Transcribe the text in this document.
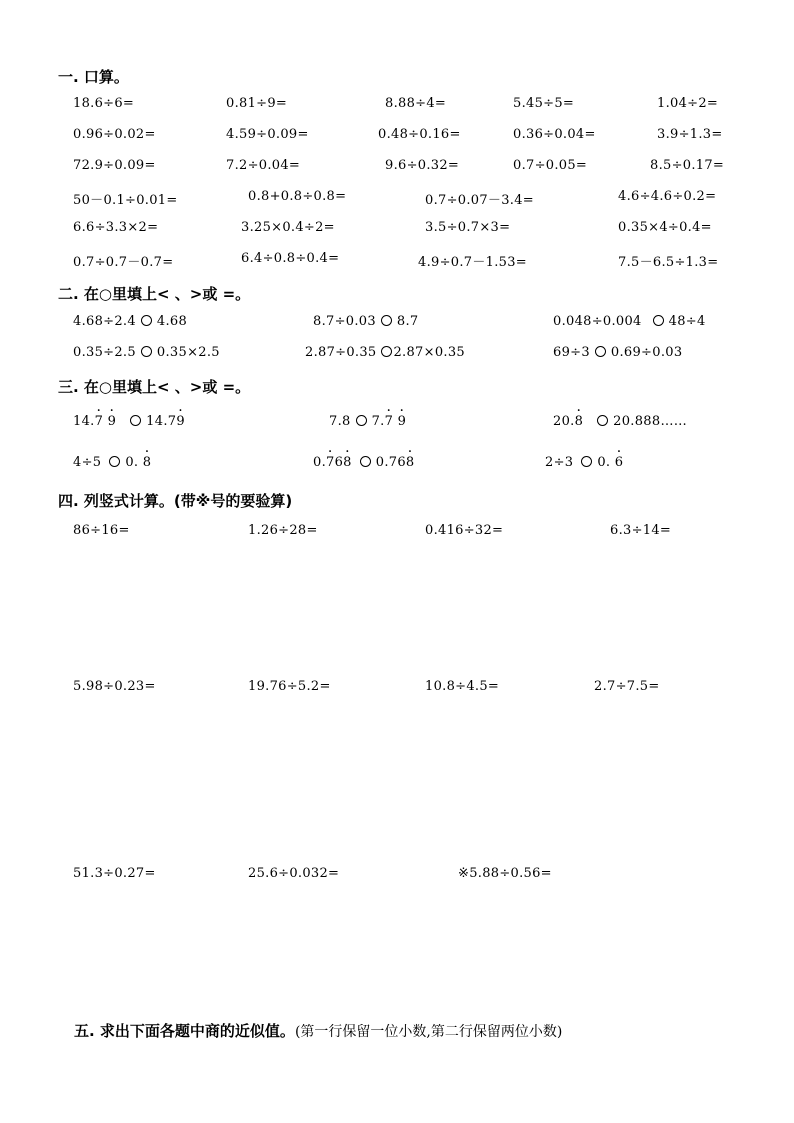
一. 口算。
18.6÷6=	0.81÷9=	8.88÷4=	5.45÷5=	1.04÷2=
0.96÷0.02=	4.59÷0.09=	0.48÷0.16=	0.36÷0.04=	3.9÷1.3=
72.9÷0.09=	7.2÷0.04=	9.6÷0.32=	0.7÷0.05=	8.5÷0.17=
50－0.1÷0.01=	0.8+0.8÷0.8=	0.7÷0.07－3.4=	4.6÷4.6÷0.2=
6.6÷3.3×2=	3.25×0.4÷2=	3.5÷0.7×3=	0.35×4÷0.4=
0.7÷0.7－0.7=	6.4÷0.8÷0.4=	4.9÷0.7－1.53=	7.5－6.5÷1.3=
二. 在○里填上< 、>或 =。
4.68÷2.4 4.68	8.7÷0.03 8.7	0.048÷0.004 48÷4
0.35÷2.5 0.35×2.5	2.87÷0.35 2.87×0.35	69÷3 0.69÷0.03
三. 在○里填上< 、>或 =。
14.· 7 · 9 14.7· 9	7.8 7.· 7 · 9	20.· 8 20.888……
4÷5 0. · 8	0.· 76· 8 0.76· 8	2÷3 0. · 6
四. 列竖式计算。(带※号的要验算)
86÷16=	1.26÷28=	0.416÷32=	6.3÷14=
5.98÷0.23=	19.76÷5.2=	10.8÷4.5=	2.7÷7.5=
51.3÷0.27=	25.6÷0.032=	※5.88÷0.56=
五. 求出下面各题中商的近似值。(第一行保留一位小数,第二行保留两位小数)
